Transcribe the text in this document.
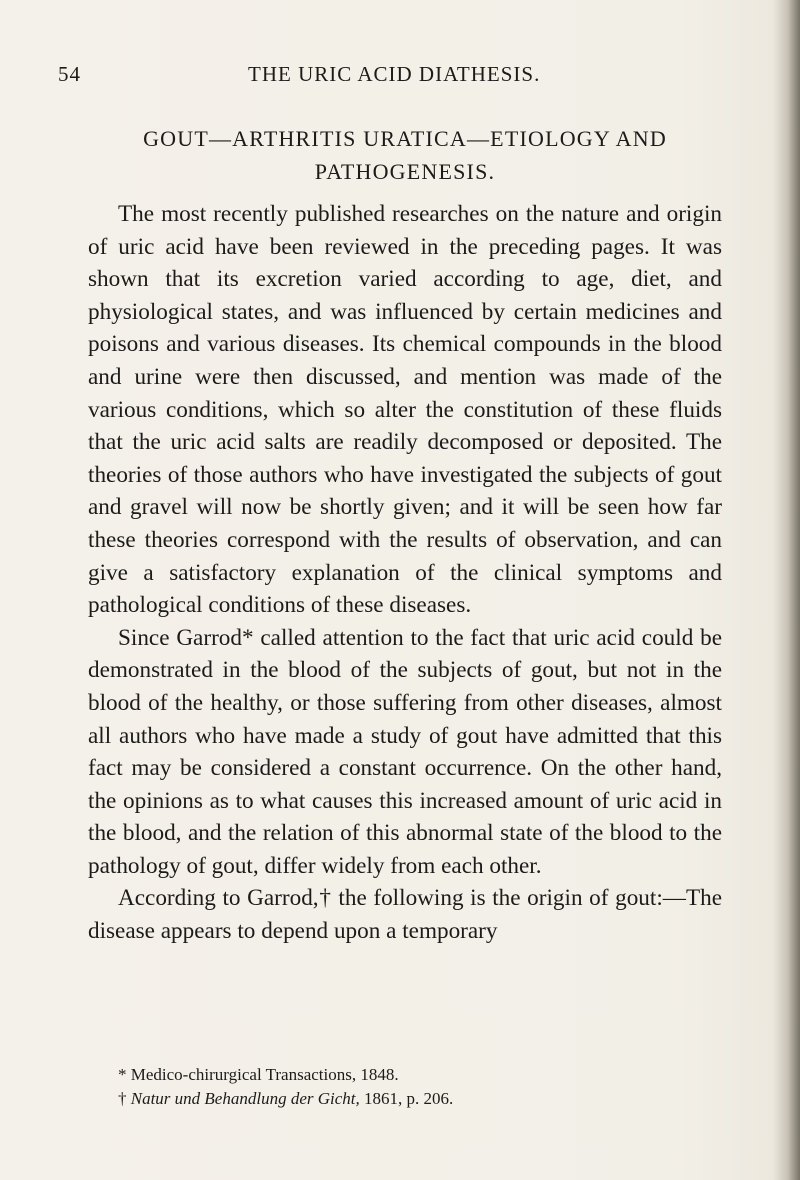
54	THE URIC ACID DIATHESIS.
GOUT—ARTHRITIS URATICA—ETIOLOGY AND
PATHOGENESIS.

The most recently published researches on the nature and origin of uric acid have been reviewed in the preceding pages. It was shown that its excretion varied according to age, diet, and physiological states, and was influenced by certain medicines and poisons and various diseases. Its chemical compounds in the blood and urine were then discussed, and mention was made of the various conditions, which so alter the constitution of these fluids that the uric acid salts are readily decomposed or deposited. The theories of those authors who have investigated the subjects of gout and gravel will now be shortly given; and it will be seen how far these theories correspond with the results of observation, and can give a satisfactory explanation of the clinical symptoms and pathological conditions of these diseases.

Since Garrod* called attention to the fact that uric acid could be demonstrated in the blood of the subjects of gout, but not in the blood of the healthy, or those suffering from other diseases, almost all authors who have made a study of gout have admitted that this fact may be considered a constant occurrence. On the other hand, the opinions as to what causes this increased amount of uric acid in the blood, and the relation of this abnormal state of the blood to the pathology of gout, differ widely from each other.

According to Garrod,† the following is the origin of gout:—The disease appears to depend upon a temporary

* Medico-chirurgical Transactions, 1848.

† Natur und Behandlung der Gicht, 1861, p. 206.
